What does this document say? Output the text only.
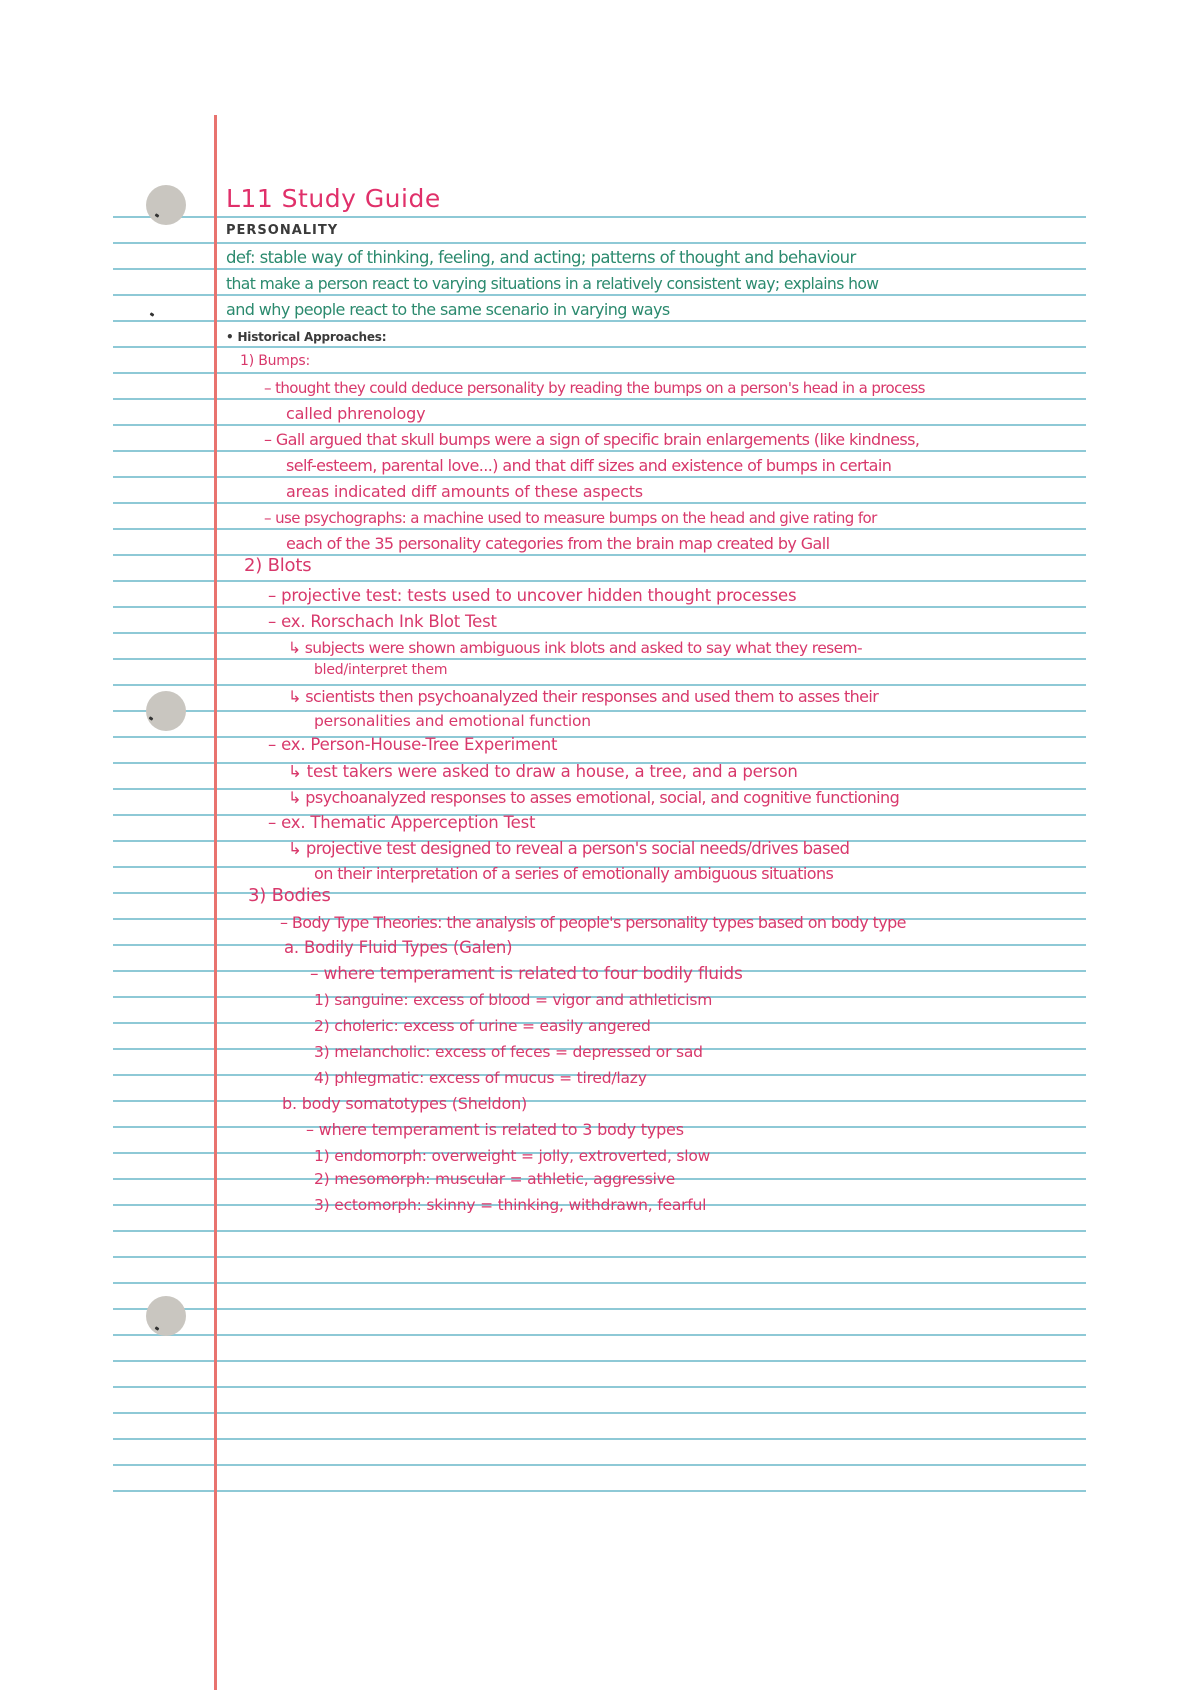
L11 Study Guide
PERSONALITY
def: stable way of thinking, feeling, and acting; patterns of thought and behaviour
that make a person react to varying situations in a relatively consistent way; explains how
and why people react to the same scenario in varying ways
• Historical Approaches:
1) Bumps:
– thought they could deduce personality by reading the bumps on a person's head in a process
called phrenology
– Gall argued that skull bumps were a sign of specific brain enlargements (like kindness,
self-esteem, parental love...) and that diff sizes and existence of bumps in certain
areas indicated diff amounts of these aspects
– use psychographs: a machine used to measure bumps on the head and give rating for
each of the 35 personality categories from the brain map created by Gall
2) Blots
– projective test: tests used to uncover hidden thought processes
– ex. Rorschach Ink Blot Test
↳ subjects were shown ambiguous ink blots and asked to say what they resem-
bled/interpret them
↳ scientists then psychoanalyzed their responses and used them to asses their
personalities and emotional function
– ex. Person-House-Tree Experiment
↳ test takers were asked to draw a house, a tree, and a person
↳ psychoanalyzed responses to asses emotional, social, and cognitive functioning
– ex. Thematic Apperception Test
↳ projective test designed to reveal a person's social needs/drives based
on their interpretation of a series of emotionally ambiguous situations
3) Bodies
– Body Type Theories: the analysis of people's personality types based on body type
a. Bodily Fluid Types (Galen)
– where temperament is related to four bodily fluids
1) sanguine: excess of blood = vigor and athleticism
2) choleric: excess of urine = easily angered
3) melancholic: excess of feces = depressed or sad
4) phlegmatic: excess of mucus = tired/lazy
b. body somatotypes (Sheldon)
– where temperament is related to 3 body types
1) endomorph: overweight = jolly, extroverted, slow
2) mesomorph: muscular = athletic, aggressive
3) ectomorph: skinny = thinking, withdrawn, fearful
